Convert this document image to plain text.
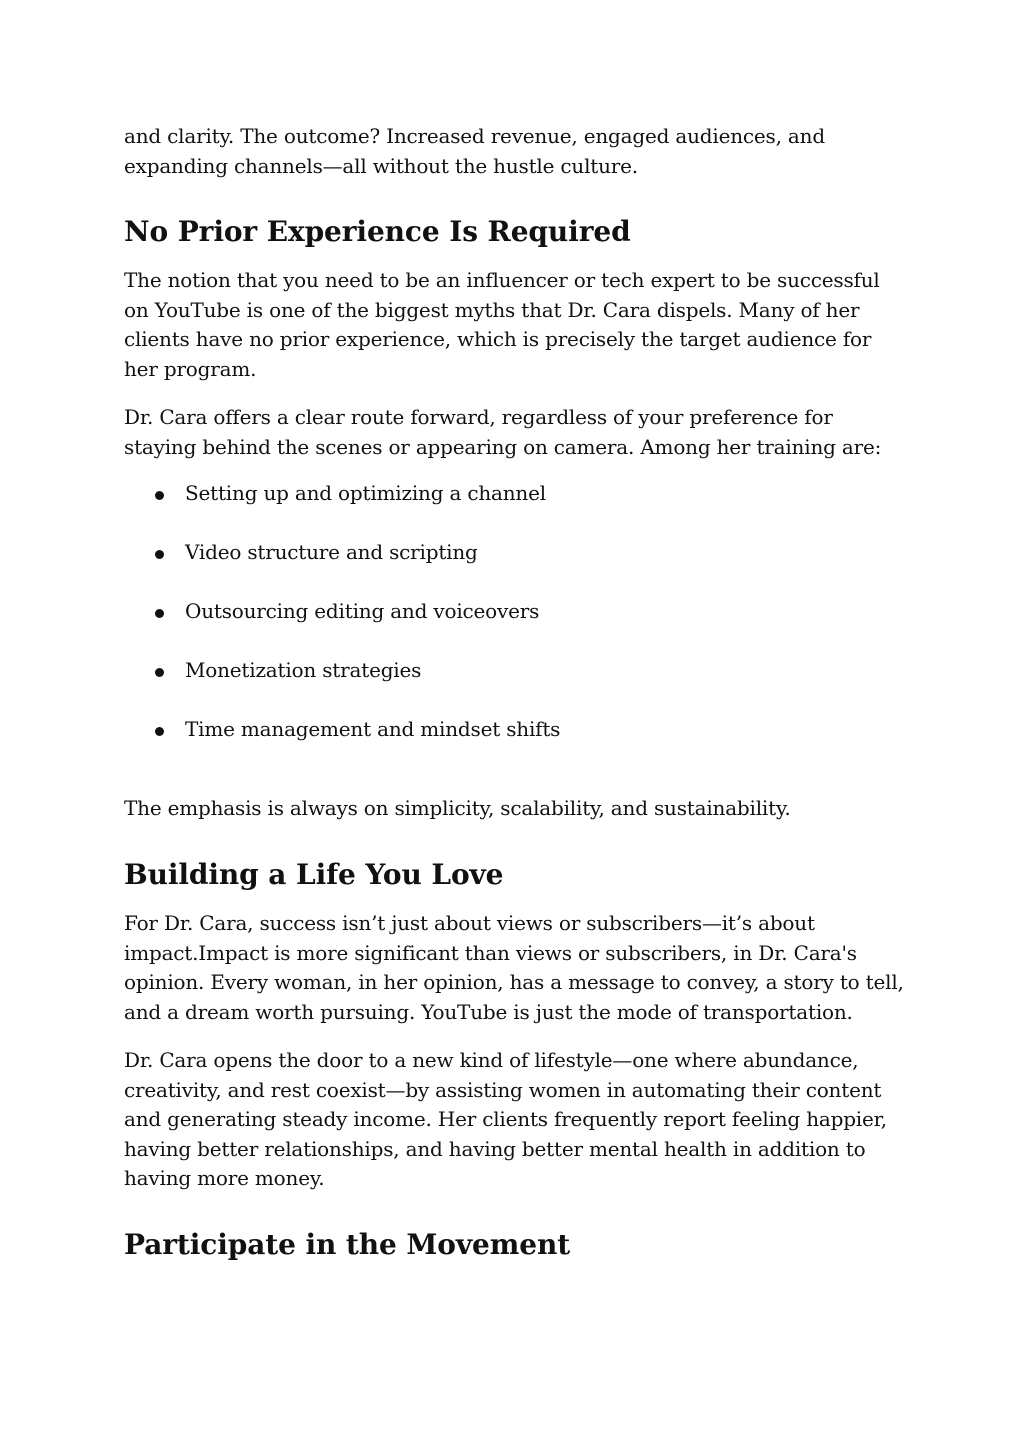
and clarity. The outcome? Increased revenue, engaged audiences, and expanding channels—all without the hustle culture.

No Prior Experience Is Required

The notion that you need to be an influencer or tech expert to be successful on YouTube is one of the biggest myths that Dr. Cara dispels. Many of her clients have no prior experience, which is precisely the target audience for her program.

Dr. Cara offers a clear route forward, regardless of your preference for staying behind the scenes or appearing on camera. Among her training are:

Setting up and optimizing a channel
Video structure and scripting
Outsourcing editing and voiceovers
Monetization strategies
Time management and mindset shifts

The emphasis is always on simplicity, scalability, and sustainability.

Building a Life You Love

For Dr. Cara, success isn’t just about views or subscribers—it’s about impact.Impact is more significant than views or subscribers, in Dr. Cara's opinion. Every woman, in her opinion, has a message to convey, a story to tell, and a dream worth pursuing. YouTube is just the mode of transportation.

Dr. Cara opens the door to a new kind of lifestyle—one where abundance, creativity, and rest coexist—by assisting women in automating their content and generating steady income. Her clients frequently report feeling happier, having better relationships, and having better mental health in addition to having more money.

Participate in the Movement
